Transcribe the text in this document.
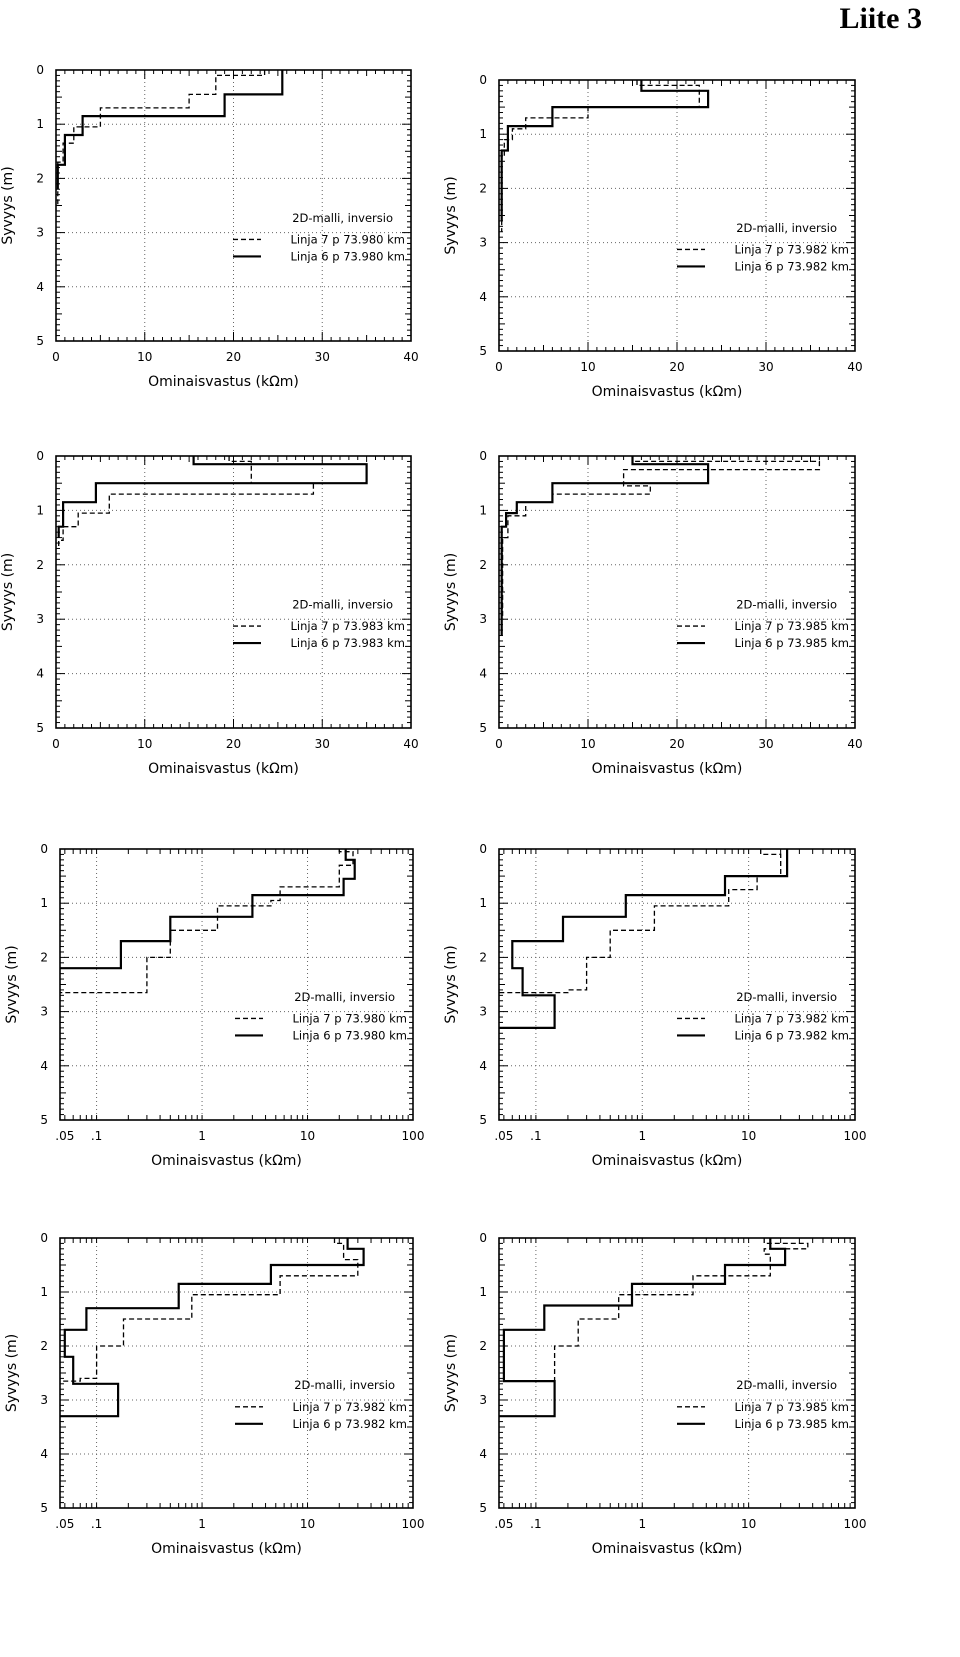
Liite 3
0	10	20	30	40
0
1
2
3
4
5
Ominaisvastus (kΩm)
Syvyys (m)	2D-malli, inversio
Linja 7 p 73.980 km
Linja 6 p 73.980 km
0	10	20	30	40
0
1
2
3
4
5
Ominaisvastus (kΩm)
Syvyys (m)	2D-malli, inversio
Linja 7 p 73.982 km
Linja 6 p 73.982 km
0	10	20	30	40
0
1
2
3
4
5
Ominaisvastus (kΩm)
Syvyys (m)	2D-malli, inversio
Linja 7 p 73.983 km
Linja 6 p 73.983 km
0	10	20	30	40
0
1
2
3
4
5
Ominaisvastus (kΩm)
Syvyys (m)	2D-malli, inversio
Linja 7 p 73.985 km
Linja 6 p 73.985 km
.05 .1	1	10	100
0
1
2
3
4
5
Ominaisvastus (kΩm)
Syvyys (m)	2D-malli, inversio
Linja 7 p 73.980 km
Linja 6 p 73.980 km
.05 .1	1	10	100
0
1
2
3
4
5
Ominaisvastus (kΩm)
Syvyys (m)	2D-malli, inversio
Linja 7 p 73.982 km
Linja 6 p 73.982 km
.05 .1	1	10	100
0
1
2
3
4
5
Ominaisvastus (kΩm)
Syvyys (m)	2D-malli, inversio
Linja 7 p 73.982 km
Linja 6 p 73.982 km
.05 .1	1	10	100
0
1
2
3
4
5
Ominaisvastus (kΩm)
Syvyys (m)	2D-malli, inversio
Linja 7 p 73.985 km
Linja 6 p 73.985 km
